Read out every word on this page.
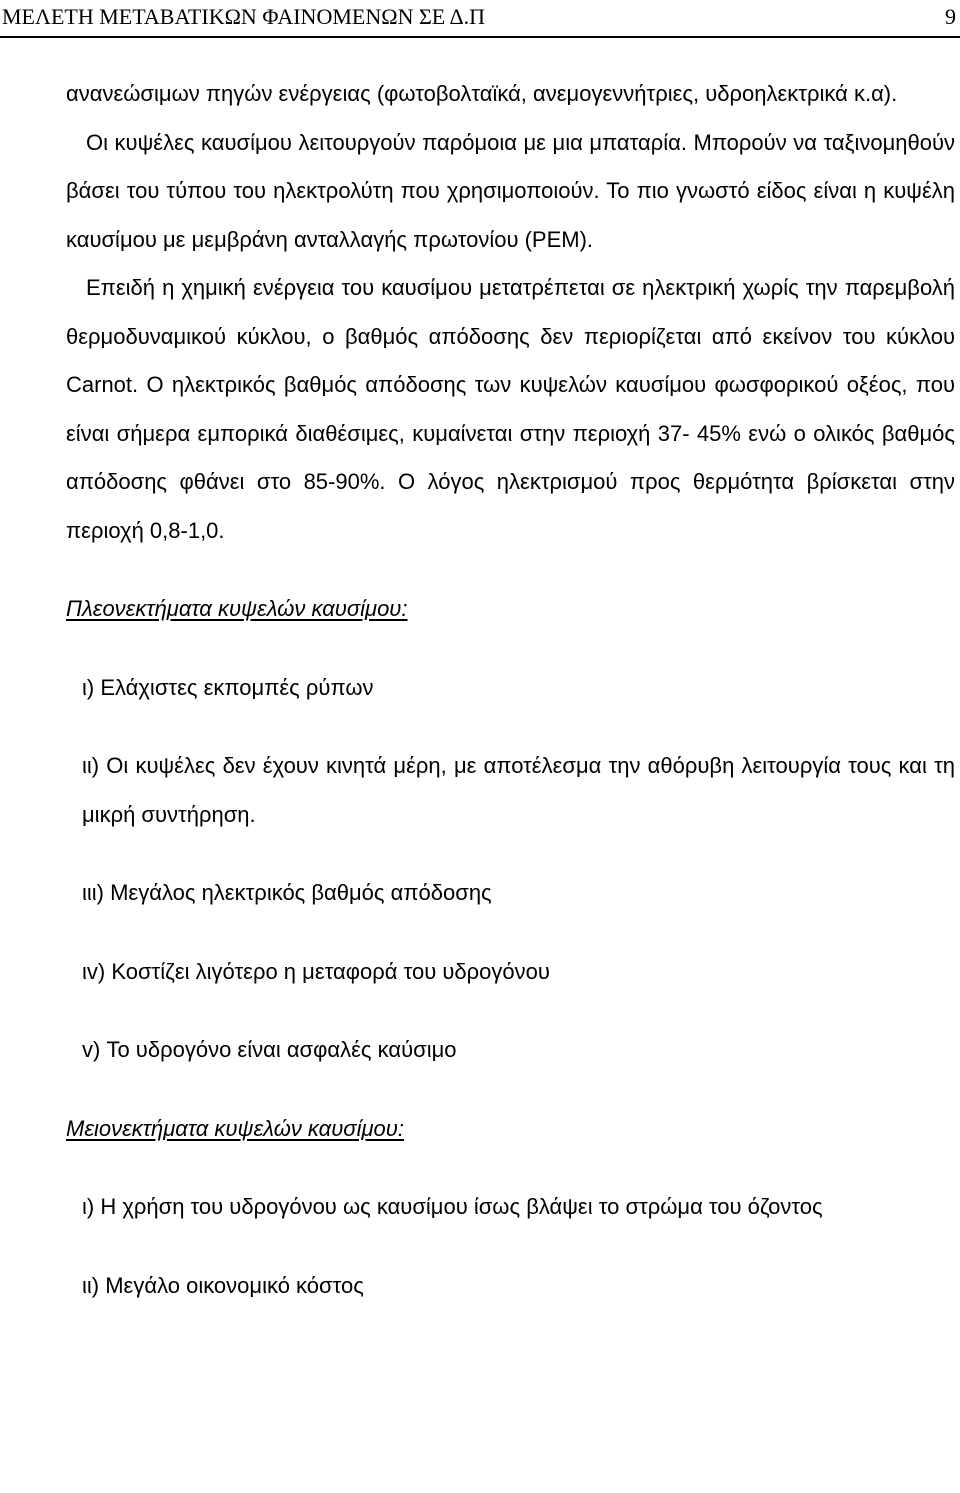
ΜΕΛΕΤΗ ΜΕΤΑΒΑΤΙΚΩΝ ΦΑΙΝΟΜΕΝΩΝ ΣΕ Δ.Π	9

ανανεώσιμων πηγών ενέργειας (φωτοβολταϊκά, ανεμογεννήτριες, υδροηλεκτρικά κ.α).

Οι κυψέλες καυσίμου λειτουργούν παρόμοια με μια μπαταρία. Μπορούν να ταξινομηθούν βάσει του τύπου του ηλεκτρολύτη που χρησιμοποιούν. Το πιο γνωστό είδος είναι η κυψέλη καυσίμου με μεμβράνη ανταλλαγής πρωτονίου (PEM).

Επειδή η χημική ενέργεια του καυσίμου μετατρέπεται σε ηλεκτρική χωρίς την παρεμβολή θερμοδυναμικού κύκλου, ο βαθμός απόδοσης δεν περιορίζεται από εκείνον του κύκλου Carnot. Ο ηλεκτρικός βαθμός απόδοσης των κυψελών καυσίμου φωσφορικού οξέος, που είναι σήμερα εμπορικά διαθέσιμες, κυμαίνεται στην περιοχή 37- 45% ενώ ο ολικός βαθμός απόδοσης φθάνει στο 85-90%. Ο λόγος ηλεκτρισμού προς θερμότητα βρίσκεται στην περιοχή 0,8-1,0.

Πλεονεκτήματα κυψελών καυσίμου:

ι) Ελάχιστες εκπομπές ρύπων

ιι) Οι κυψέλες δεν έχουν κινητά μέρη, με αποτέλεσμα την αθόρυβη λειτουργία τους και τη μικρή συντήρηση.

ιιι) Μεγάλος ηλεκτρικός βαθμός απόδοσης

ιv) Κοστίζει λιγότερο η μεταφορά του υδρογόνου

v) Το υδρογόνο είναι ασφαλές καύσιμο

Μειονεκτήματα κυψελών καυσίμου:

ι) Η χρήση του υδρογόνου ως καυσίμου ίσως βλάψει το στρώμα του όζοντος

ιι) Μεγάλο οικονομικό κόστος
